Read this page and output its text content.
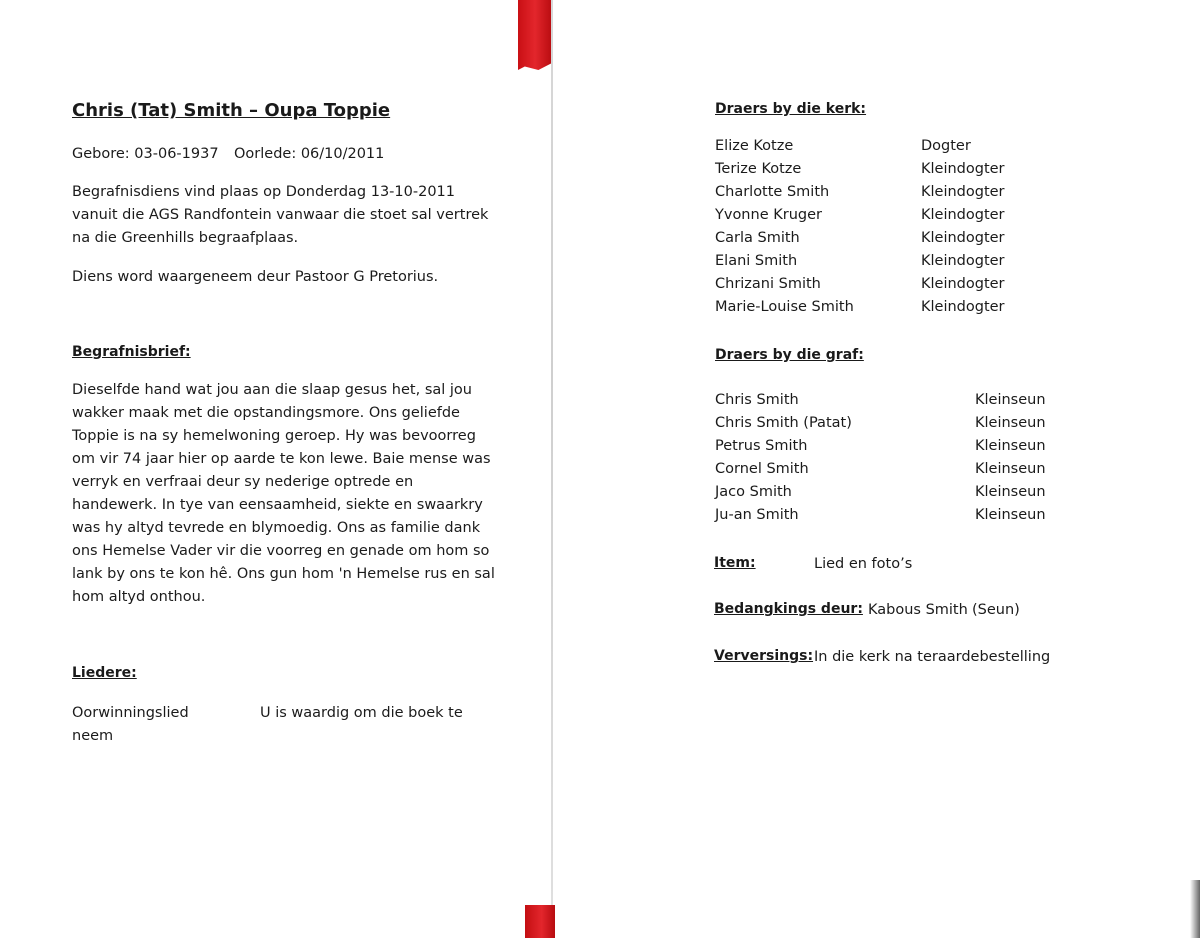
Chris (Tat) Smith – Oupa Toppie
Gebore: 03-06-1937 Oorlede: 06/10/2011
Begrafnisdiens vind plaas op Donderdag 13-10-2011
vanuit die AGS Randfontein vanwaar die stoet sal vertrek
na die Greenhills begraafplaas.
Diens word waargeneem deur Pastoor G Pretorius.
Begrafnisbrief:
Dieselfde hand wat jou aan die slaap gesus het, sal jou
wakker maak met die opstandingsmore. Ons geliefde
Toppie is na sy hemelwoning geroep. Hy was bevoorreg
om vir 74 jaar hier op aarde te kon lewe. Baie mense was
verryk en verfraai deur sy nederige optrede en
handewerk. In tye van eensaamheid, siekte en swaarkry
was hy altyd tevrede en blymoedig. Ons as familie dank
ons Hemelse Vader vir die voorreg en genade om hom so
lank by ons te kon hê. Ons gun hom 'n Hemelse rus en sal
hom altyd onthou.
Liedere:
Oorwinningslied	U is waardig om die boek te
neem
Draers by die kerk:
Elize Kotze	Dogter
Terize Kotze	Kleindogter
Charlotte Smith	Kleindogter
Yvonne Kruger	Kleindogter
Carla Smith	Kleindogter
Elani Smith	Kleindogter
Chrizani Smith	Kleindogter
Marie-Louise Smith	Kleindogter
Draers by die graf:
Chris Smith	Kleinseun
Chris Smith (Patat)	Kleinseun
Petrus Smith	Kleinseun
Cornel Smith	Kleinseun
Jaco Smith	Kleinseun
Ju-an Smith	Kleinseun
Item:	Lied en foto’s
Bedangkings deur: Kabous Smith (Seun)
Verversings: In die kerk na teraardebestelling
